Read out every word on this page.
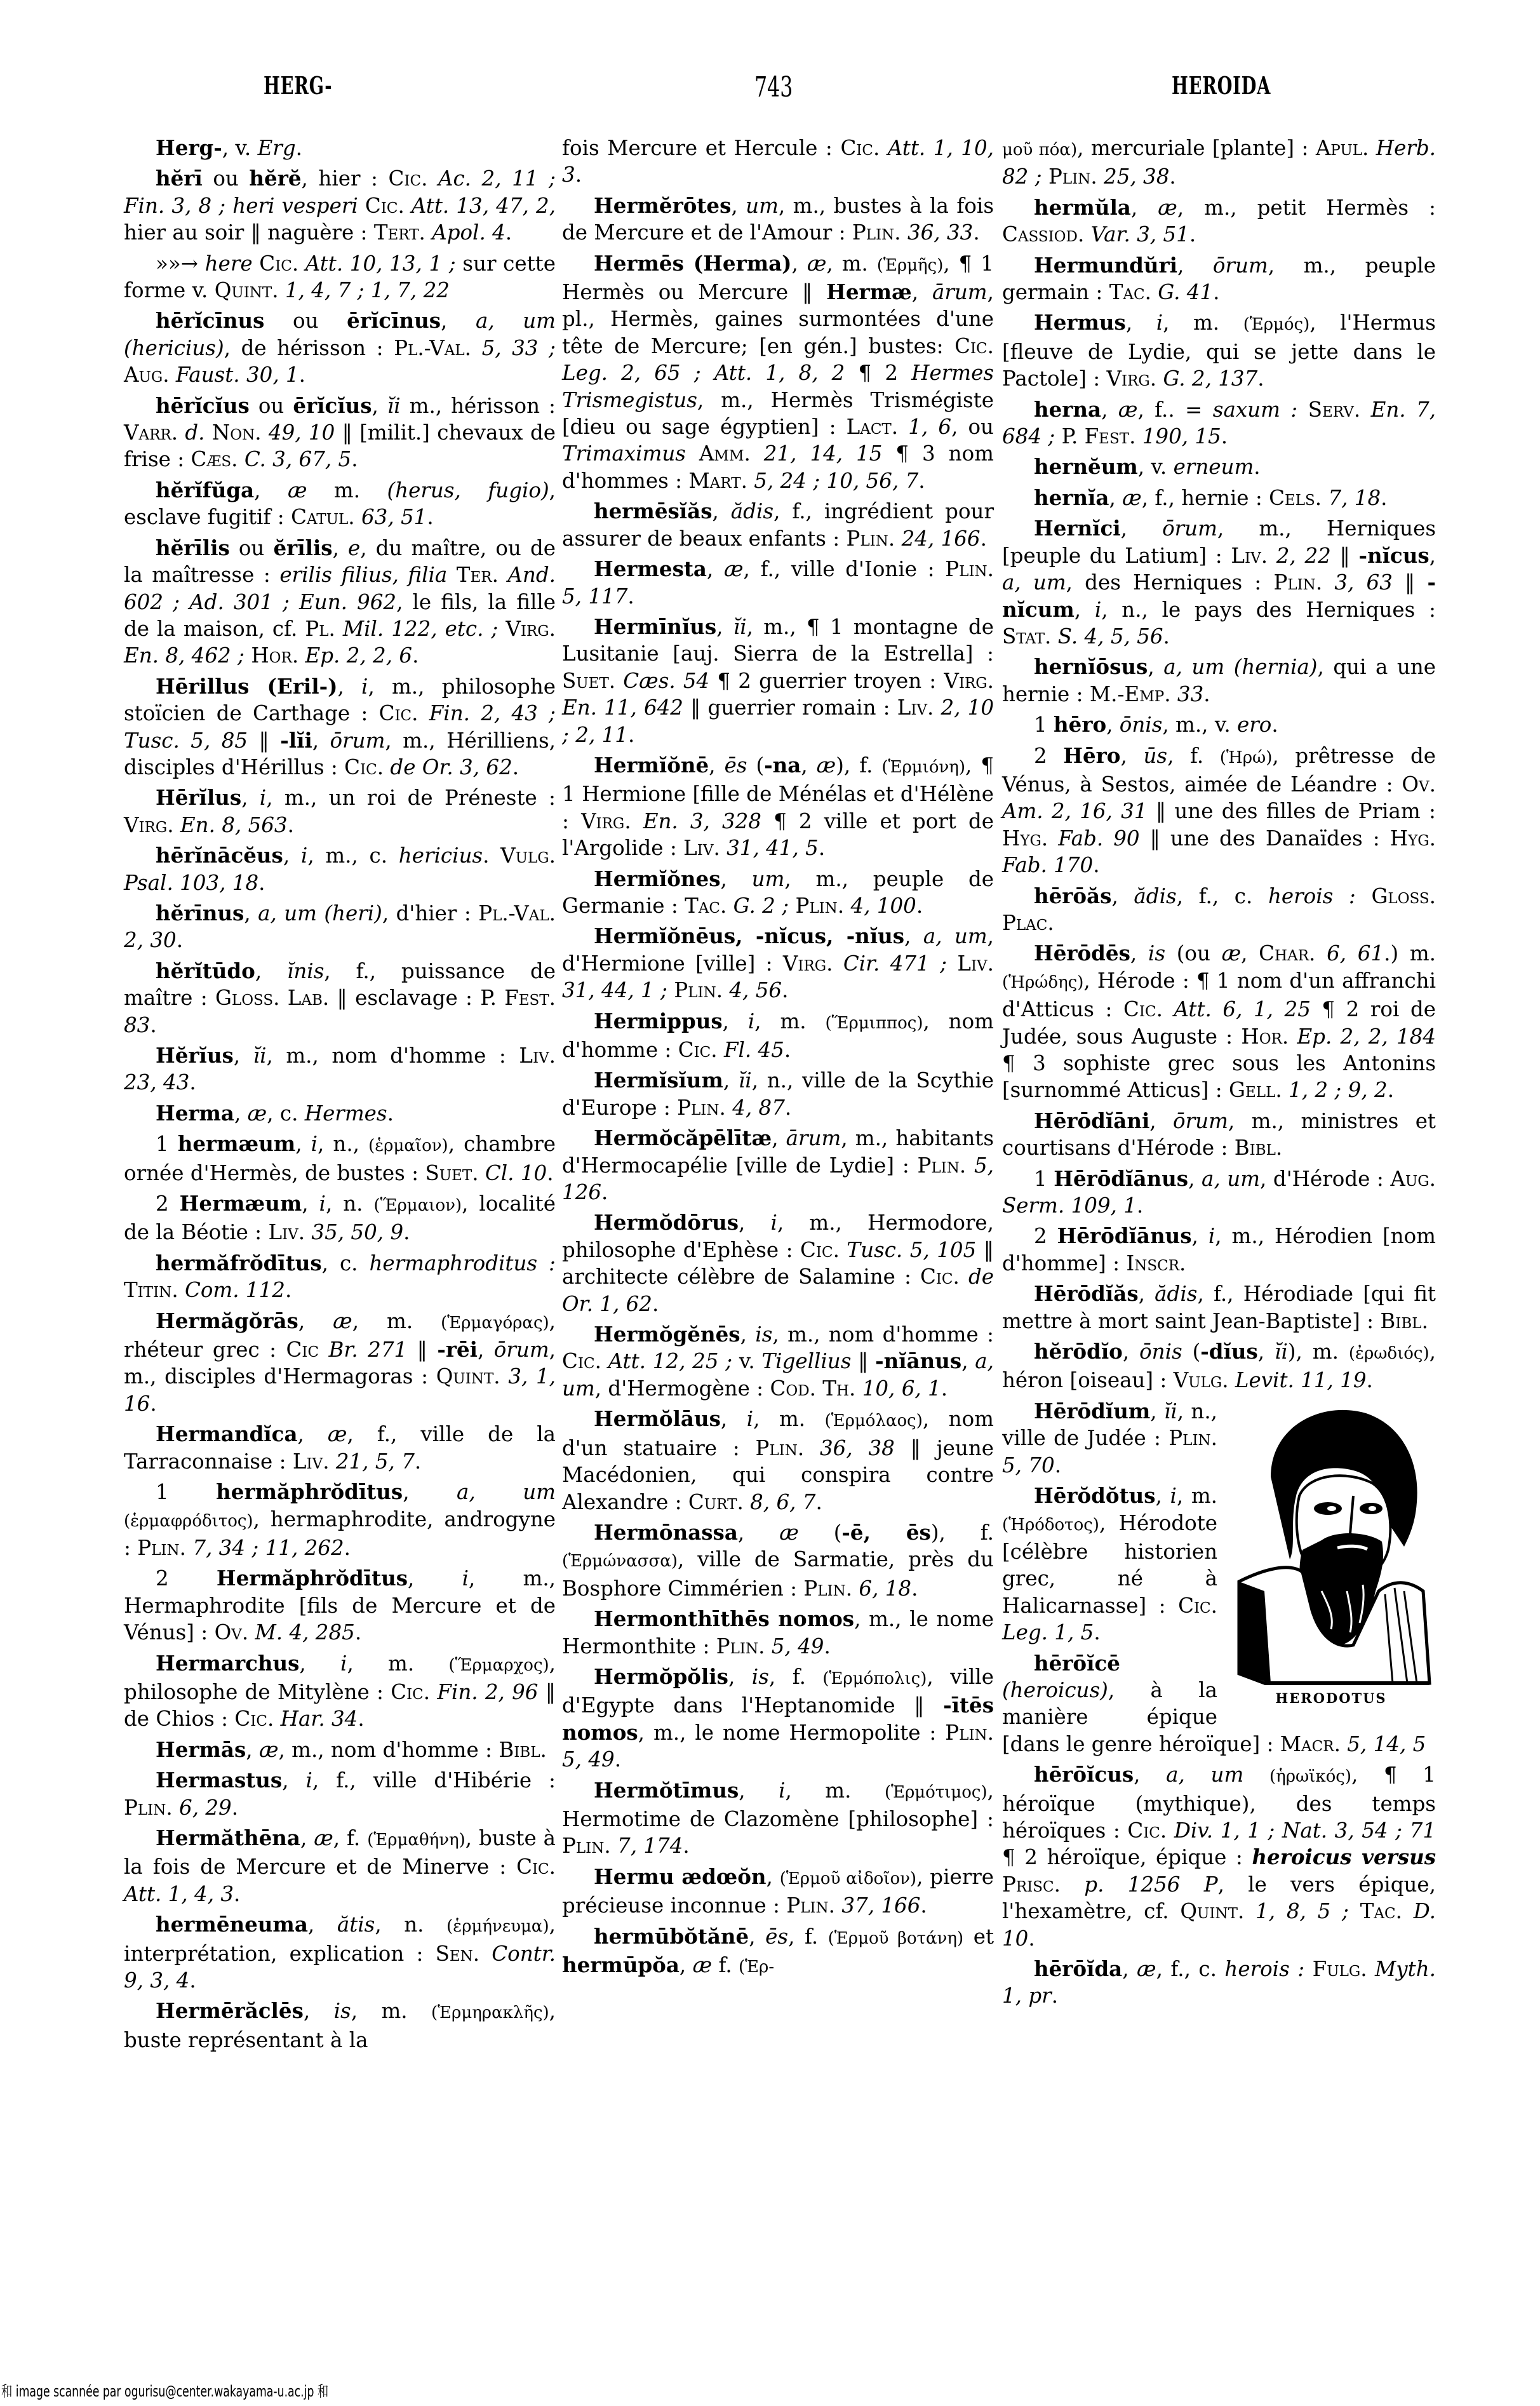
HERG-	743	HEROIDA

Herg-, v. Erg.

hĕrī ou hĕrĕ, hier : Cic. Ac. 2, 11 ; Fin. 3, 8 ; heri vesperi Cic. Att. 13, 47, 2, hier au soir ‖ naguère : Tert. Apol. 4.

»»→ here Cic. Att. 10, 13, 1 ; sur cette forme v. Quint. 1, 4, 7 ; 1, 7, 22

hērĭcīnus ou ērĭcīnus, a, um (hericius), de hérisson : Pl.-Val. 5, 33 ; Aug. Faust. 30, 1.

hērĭcĭus ou ērĭcĭus, ĭi m., hérisson : Varr. d. Non. 49, 10 ‖ [milit.] chevaux de frise : Cæs. C. 3, 67, 5.

hĕrĭfŭga, æ m. (herus, fugio), esclave fugitif : Catul. 63, 51.

hĕrīlis ou ĕrīlis, e, du maître, ou de la maîtresse : erilis filius, filia Ter. And. 602 ; Ad. 301 ; Eun. 962, le fils, la fille de la maison, cf. Pl. Mil. 122, etc. ; Virg. En. 8, 462 ; Hor. Ep. 2, 2, 6.

Hērillus (Eril-), i, m., philosophe stoïcien de Carthage : Cic. Fin. 2, 43 ; Tusc. 5, 85 ‖ -lĭi, ōrum, m., Hérilliens, disciples d'Hérillus : Cic. de Or. 3, 62.

Hērĭlus, i, m., un roi de Préneste : Virg. En. 8, 563.

hērĭnācĕus, i, m., c. hericius. Vulg. Psal. 103, 18.

hĕrīnus, a, um (heri), d'hier : Pl.-Val. 2, 30.

hĕrĭtūdo, ĭnis, f., puissance de maître : Gloss. Lab. ‖ esclavage : P. Fest. 83.

Hĕrĭus, ĭi, m., nom d'homme : Liv. 23, 43.

Herma, æ, c. Hermes.

1 hermæum, i, n., (ἑρμαῖον), chambre ornée d'Hermès, de bustes : Suet. Cl. 10.

2 Hermæum, i, n. (Ἕρμαιον), localité de la Béotie : Liv. 35, 50, 9.

hermăfrŏdītus, c. hermaphroditus : Titin. Com. 112.

Hermăgŏrās, æ, m. (Ἑρμαγόρας), rhéteur grec : Cic Br. 271 ‖ -rēi, ōrum, m., disciples d'Hermagoras : Quint. 3, 1, 16.

Hermandĭca, æ, f., ville de la Tarraconnaise : Liv. 21, 5, 7.

1 hermăphrŏdītus, a, um (ἑρμαφρόδιτος), hermaphrodite, androgyne : Plin. 7, 34 ; 11, 262.

2 Hermăphrŏdītus, i, m., Hermaphrodite [fils de Mercure et de Vénus] : Ov. M. 4, 285.

Hermarchus, i, m. (Ἕρμαρχος), philosophe de Mitylène : Cic. Fin. 2, 96 ‖ de Chios : Cic. Har. 34.

Hermās, æ, m., nom d'homme : Bibl.

Hermastus, i, f., ville d'Hibérie : Plin. 6, 29.

Hermăthēna, æ, f. (Ἑρμαθήνη), buste à la fois de Mercure et de Minerve : Cic. Att. 1, 4, 3.

hermēneuma, ătis, n. (ἑρμήνευμα), interprétation, explication : Sen. Contr. 9, 3, 4.

Hermērăclēs, is, m. (Ἑρμηρακλῆς), buste représentant à la

fois Mercure et Hercule : Cic. Att. 1, 10, 3.

Hermĕrōtes, um, m., bustes à la fois de Mercure et de l'Amour : Plin. 36, 33.

Hermēs (Herma), æ, m. (Ἑρμῆς), ¶ 1 Hermès ou Mercure ‖ Hermæ, ārum, pl., Hermès, gaines surmontées d'une tête de Mercure; [en gén.] bustes: Cic. Leg. 2, 65 ; Att. 1, 8, 2 ¶ 2 Hermes Trismegistus, m., Hermès Trismégiste [dieu ou sage égyptien] : Lact. 1, 6, ou Trimaximus Amm. 21, 14, 15 ¶ 3 nom d'hommes : Mart. 5, 24 ; 10, 56, 7.

hermēsĭăs, ădis, f., ingrédient pour assurer de beaux enfants : Plin. 24, 166.

Hermesta, æ, f., ville d'Ionie : Plin. 5, 117.

Hermīnĭus, ĭi, m., ¶ 1 montagne de Lusitanie [auj. Sierra de la Estrella] : Suet. Cæs. 54 ¶ 2 guerrier troyen : Virg. En. 11, 642 ‖ guerrier romain : Liv. 2, 10 ; 2, 11.

Hermĭŏnē, ēs (-na, æ), f. (Ἑρμιόνη), ¶ 1 Hermione [fille de Ménélas et d'Hélène : Virg. En. 3, 328 ¶ 2 ville et port de l'Argolide : Liv. 31, 41, 5.

Hermĭŏnes, um, m., peuple de Germanie : Tac. G. 2 ; Plin. 4, 100.

Hermĭŏnēus, -nĭcus, -nĭus, a, um, d'Hermione [ville] : Virg. Cir. 471 ; Liv. 31, 44, 1 ; Plin. 4, 56.

Hermippus, i, m. (Ἕρμιππος), nom d'homme : Cic. Fl. 45.

Hermĭsĭum, ĭi, n., ville de la Scythie d'Europe : Plin. 4, 87.

Hermŏcăpēlītæ, ārum, m., habitants d'Hermocapélie [ville de Lydie] : Plin. 5, 126.

Hermŏdōrus, i, m., Hermodore, philosophe d'Ephèse : Cic. Tusc. 5, 105 ‖ architecte célèbre de Salamine : Cic. de Or. 1, 62.

Hermŏgĕnēs, is, m., nom d'homme : Cic. Att. 12, 25 ; v. Tigellius ‖ -nĭānus, a, um, d'Hermogène : Cod. Th. 10, 6, 1.

Hermŏlāus, i, m. (Ἑρμόλαος), nom d'un statuaire : Plin. 36, 38 ‖ jeune Macédonien, qui conspira contre Alexandre : Curt. 8, 6, 7.

Hermōnassa, æ (-ē, ēs), f. (Ἑρμώνασσα), ville de Sarmatie, près du Bosphore Cimmérien : Plin. 6, 18.

Hermonthīthēs nomos, m., le nome Hermonthite : Plin. 5, 49.

Hermŏpŏlis, is, f. (Ἑρμόπολις), ville d'Egypte dans l'Heptanomide ‖ -ītēs nomos, m., le nome Hermopolite : Plin. 5, 49.

Hermŏtīmus, i, m. (Ἑρμότιμος), Hermotime de Clazomène [philosophe] : Plin. 7, 174.

Hermu ædœŏn, (Ἑρμοῦ αἰδοῖον), pierre précieuse inconnue : Plin. 37, 166.

hermūbŏtănē, ēs, f. (Ἑρμοῦ βοτάνη) et hermūpŏa, æ f. (Ἑρ-

μοῦ πόα), mercuriale [plante] : Apul. Herb. 82 ; Plin. 25, 38.

hermŭla, æ, m., petit Hermès : Cassiod. Var. 3, 51.

Hermundŭri, ōrum, m., peuple germain : Tac. G. 41.

Hermus, i, m. (Ἑρμός), l'Hermus [fleuve de Lydie, qui se jette dans le Pactole] : Virg. G. 2, 137.

herna, æ, f.. = saxum : Serv. En. 7, 684 ; P. Fest. 190, 15.

hernĕum, v. erneum.

hernĭa, æ, f., hernie : Cels. 7, 18.

Hernĭci, ōrum, m., Herniques [peuple du Latium] : Liv. 2, 22 ‖ -nĭcus, a, um, des Herniques : Plin. 3, 63 ‖ -nĭcum, i, n., le pays des Herniques : Stat. S. 4, 5, 56.

hernĭōsus, a, um (hernia), qui a une hernie : M.-Emp. 33.

1 hēro, ōnis, m., v. ero.

2 Hēro, ūs, f. (Ἡρώ), prêtresse de Vénus, à Sestos, aimée de Léandre : Ov. Am. 2, 16, 31 ‖ une des filles de Priam : Hyg. Fab. 90 ‖ une des Danaïdes : Hyg. Fab. 170.

hērōăs, ădis, f., c. herois : Gloss. Plac.

Hērōdēs, is (ou æ, Char. 6, 61.) m. (Ἡρώδης), Hérode : ¶ 1 nom d'un affranchi d'Atticus : Cic. Att. 6, 1, 25 ¶ 2 roi de Judée, sous Auguste : Hor. Ep. 2, 2, 184 ¶ 3 sophiste grec sous les Antonins [surnommé Atticus] : Gell. 1, 2 ; 9, 2.

Hērōdĭāni, ōrum, m., ministres et courtisans d'Hérode : Bibl.

1 Hērōdĭānus, a, um, d'Hérode : Aug. Serm. 109, 1.

2 Hērōdĭānus, i, m., Hérodien [nom d'homme] : Inscr.

Hērōdĭăs, ădis, f., Hérodiade [qui fit mettre à mort saint Jean-Baptiste] : Bibl.

hĕrōdĭo, ōnis (-dĭus, ĭi), m. (ἐρωδιός), héron [oiseau] : Vulg. Levit. 11, 19.

HERODOTUS

Hērōdĭum, ĭi, n., ville de Judée : Plin. 5, 70.

Hērŏdŏtus, i, m. (Ἡρόδοτος), Hérodote [célèbre historien grec, né à Halicarnasse] : Cic. Leg. 1, 5.

hērōĭcē (heroicus), à la manière épique [dans le genre héroïque] : Macr. 5, 14, 5

hērōĭcus, a, um (ἡρωϊκός), ¶ 1 héroïque (mythique), des temps héroïques : Cic. Div. 1, 1 ; Nat. 3, 54 ; 71 ¶ 2 héroïque, épique : heroicus versus Prisc. p. 1256 P, le vers épique, l'hexamètre, cf. Quint. 1, 8, 5 ; Tac. D. 10.

hērōĭda, æ, f., c. herois : Fulg. Myth. 1, pr.

和 image scannée par ogurisu@center.wakayama-u.ac.jp 和
